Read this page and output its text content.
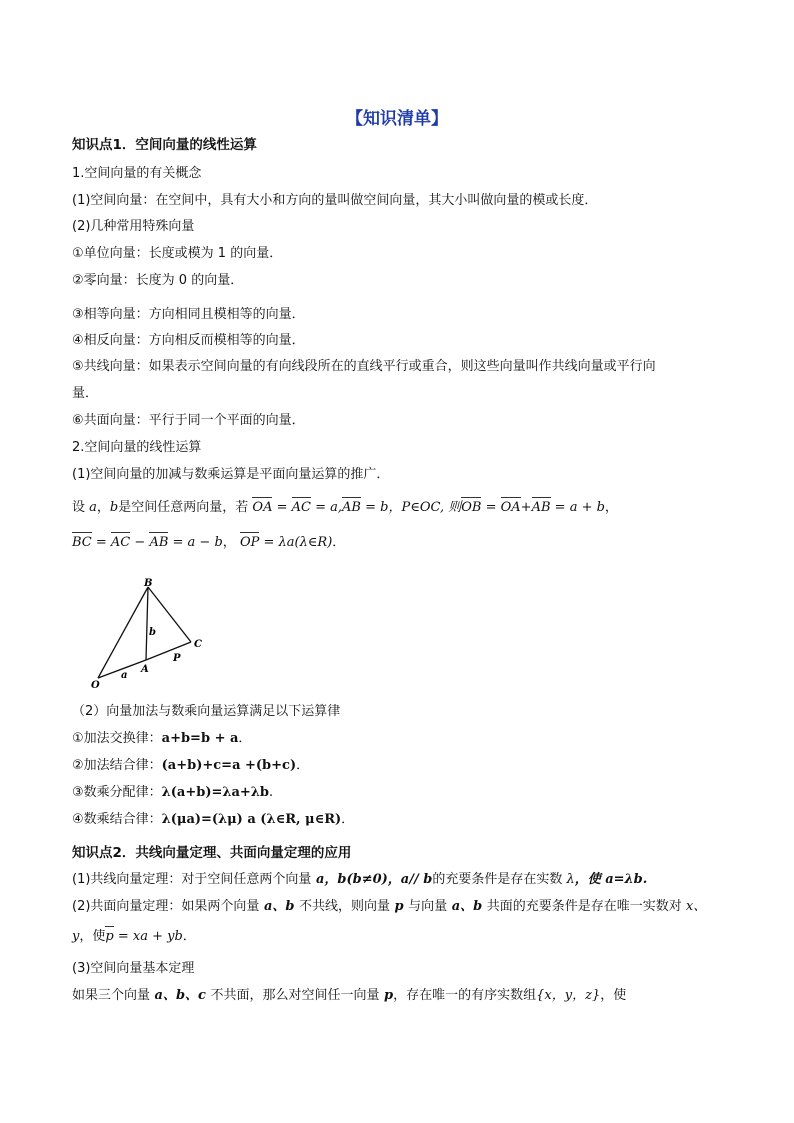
【知识清单】
知识点1．空间向量的线性运算
1.空间向量的有关概念
(1)空间向量：在空间中，具有大小和方向的量叫做空间向量，其大小叫做向量的模或长度．
(2)几种常用特殊向量
①单位向量：长度或模为 1 的向量．
②零向量：长度为 0 的向量．
③相等向量：方向相同且模相等的向量．
④相反向量：方向相反而模相等的向量．
⑤共线向量：如果表示空间向量的有向线段所在的直线平行或重合，则这些向量叫作共线向量或平行向
量．
⑥共面向量：平行于同一个平面的向量．
2.空间向量的线性运算
(1)空间向量的加减与数乘运算是平面向量运算的推广．
设 a，b是空间任意两向量，若 OA = AC = a,AB = b，P∈OC, 则OB = OA+AB = a + b，
BC = AC − AB = a − b， OP = λa(λ∈R)．
B
b
C
P
A
a
O
（2）向量加法与数乘向量运算满足以下运算律
①加法交换律：a+b=b + a．
②加法结合律：(a+b)+c=a +(b+c)．
③数乘分配律：λ(a+b)=λa+λb.
④数乘结合律：λ(μa)=(λμ) a (λ∈R, μ∈R)．
知识点2．共线向量定理、共面向量定理的应用
(1)共线向量定理：对于空间任意两个向量 a，b(b≠0)，a// b的充要条件是存在实数 λ，使 a=λb.
(2)共面向量定理：如果两个向量 a、b 不共线，则向量 p 与向量 a、b 共面的充要条件是存在唯一实数对 x、
y，使p = xa + yb．
(3)空间向量基本定理
如果三个向量 a、b、c 不共面，那么对空间任一向量 p，存在唯一的有序实数组{x，y，z}，使
